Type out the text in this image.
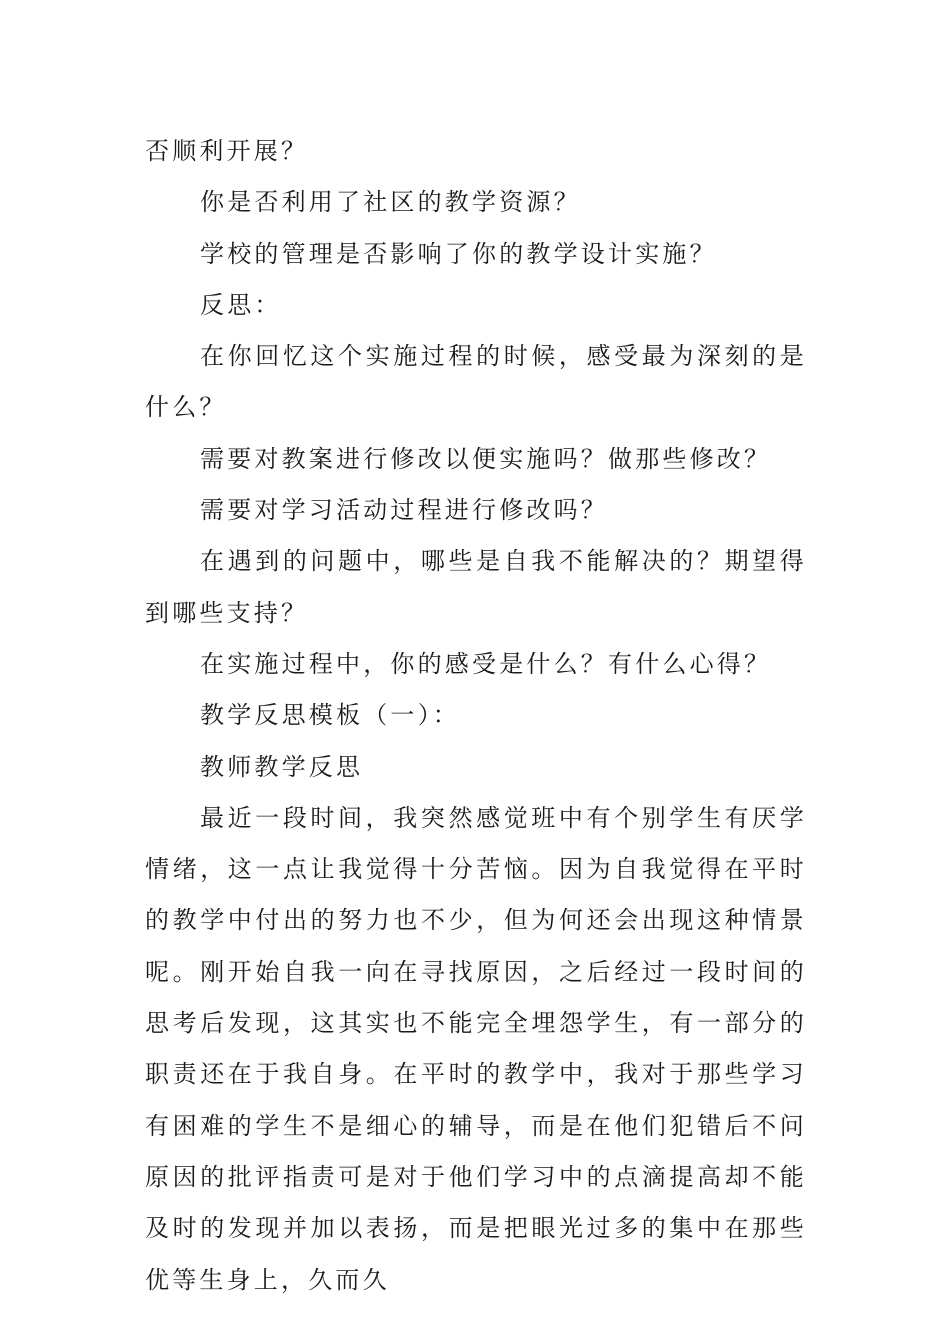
否顺利开展？

你是否利用了社区的教学资源？

学校的管理是否影响了你的教学设计实施？

反思：

在你回忆这个实施过程的时候，感受最为深刻的是什么？

需要对教案进行修改以便实施吗？做那些修改？

需要对学习活动过程进行修改吗？

在遇到的问题中，哪些是自我不能解决的？期望得到哪些支持？

在实施过程中，你的感受是什么？有什么心得？

教学反思模板（一）：

教师教学反思

最近一段时间，我突然感觉班中有个别学生有厌学情绪，这一点让我觉得十分苦恼。因为自我觉得在平时的教学中付出的努力也不少，但为何还会出现这种情景呢。刚开始自我一向在寻找原因，之后经过一段时间的思考后发现，这其实也不能完全埋怨学生，有一部分的职责还在于我自身。在平时的教学中，我对于那些学习有困难的学生不是细心的辅导，而是在他们犯错后不问原因的批评指责可是对于他们学习中的点滴提高却不能及时的发现并加以表扬，而是把眼光过多的集中在那些优等生身上，久而久
